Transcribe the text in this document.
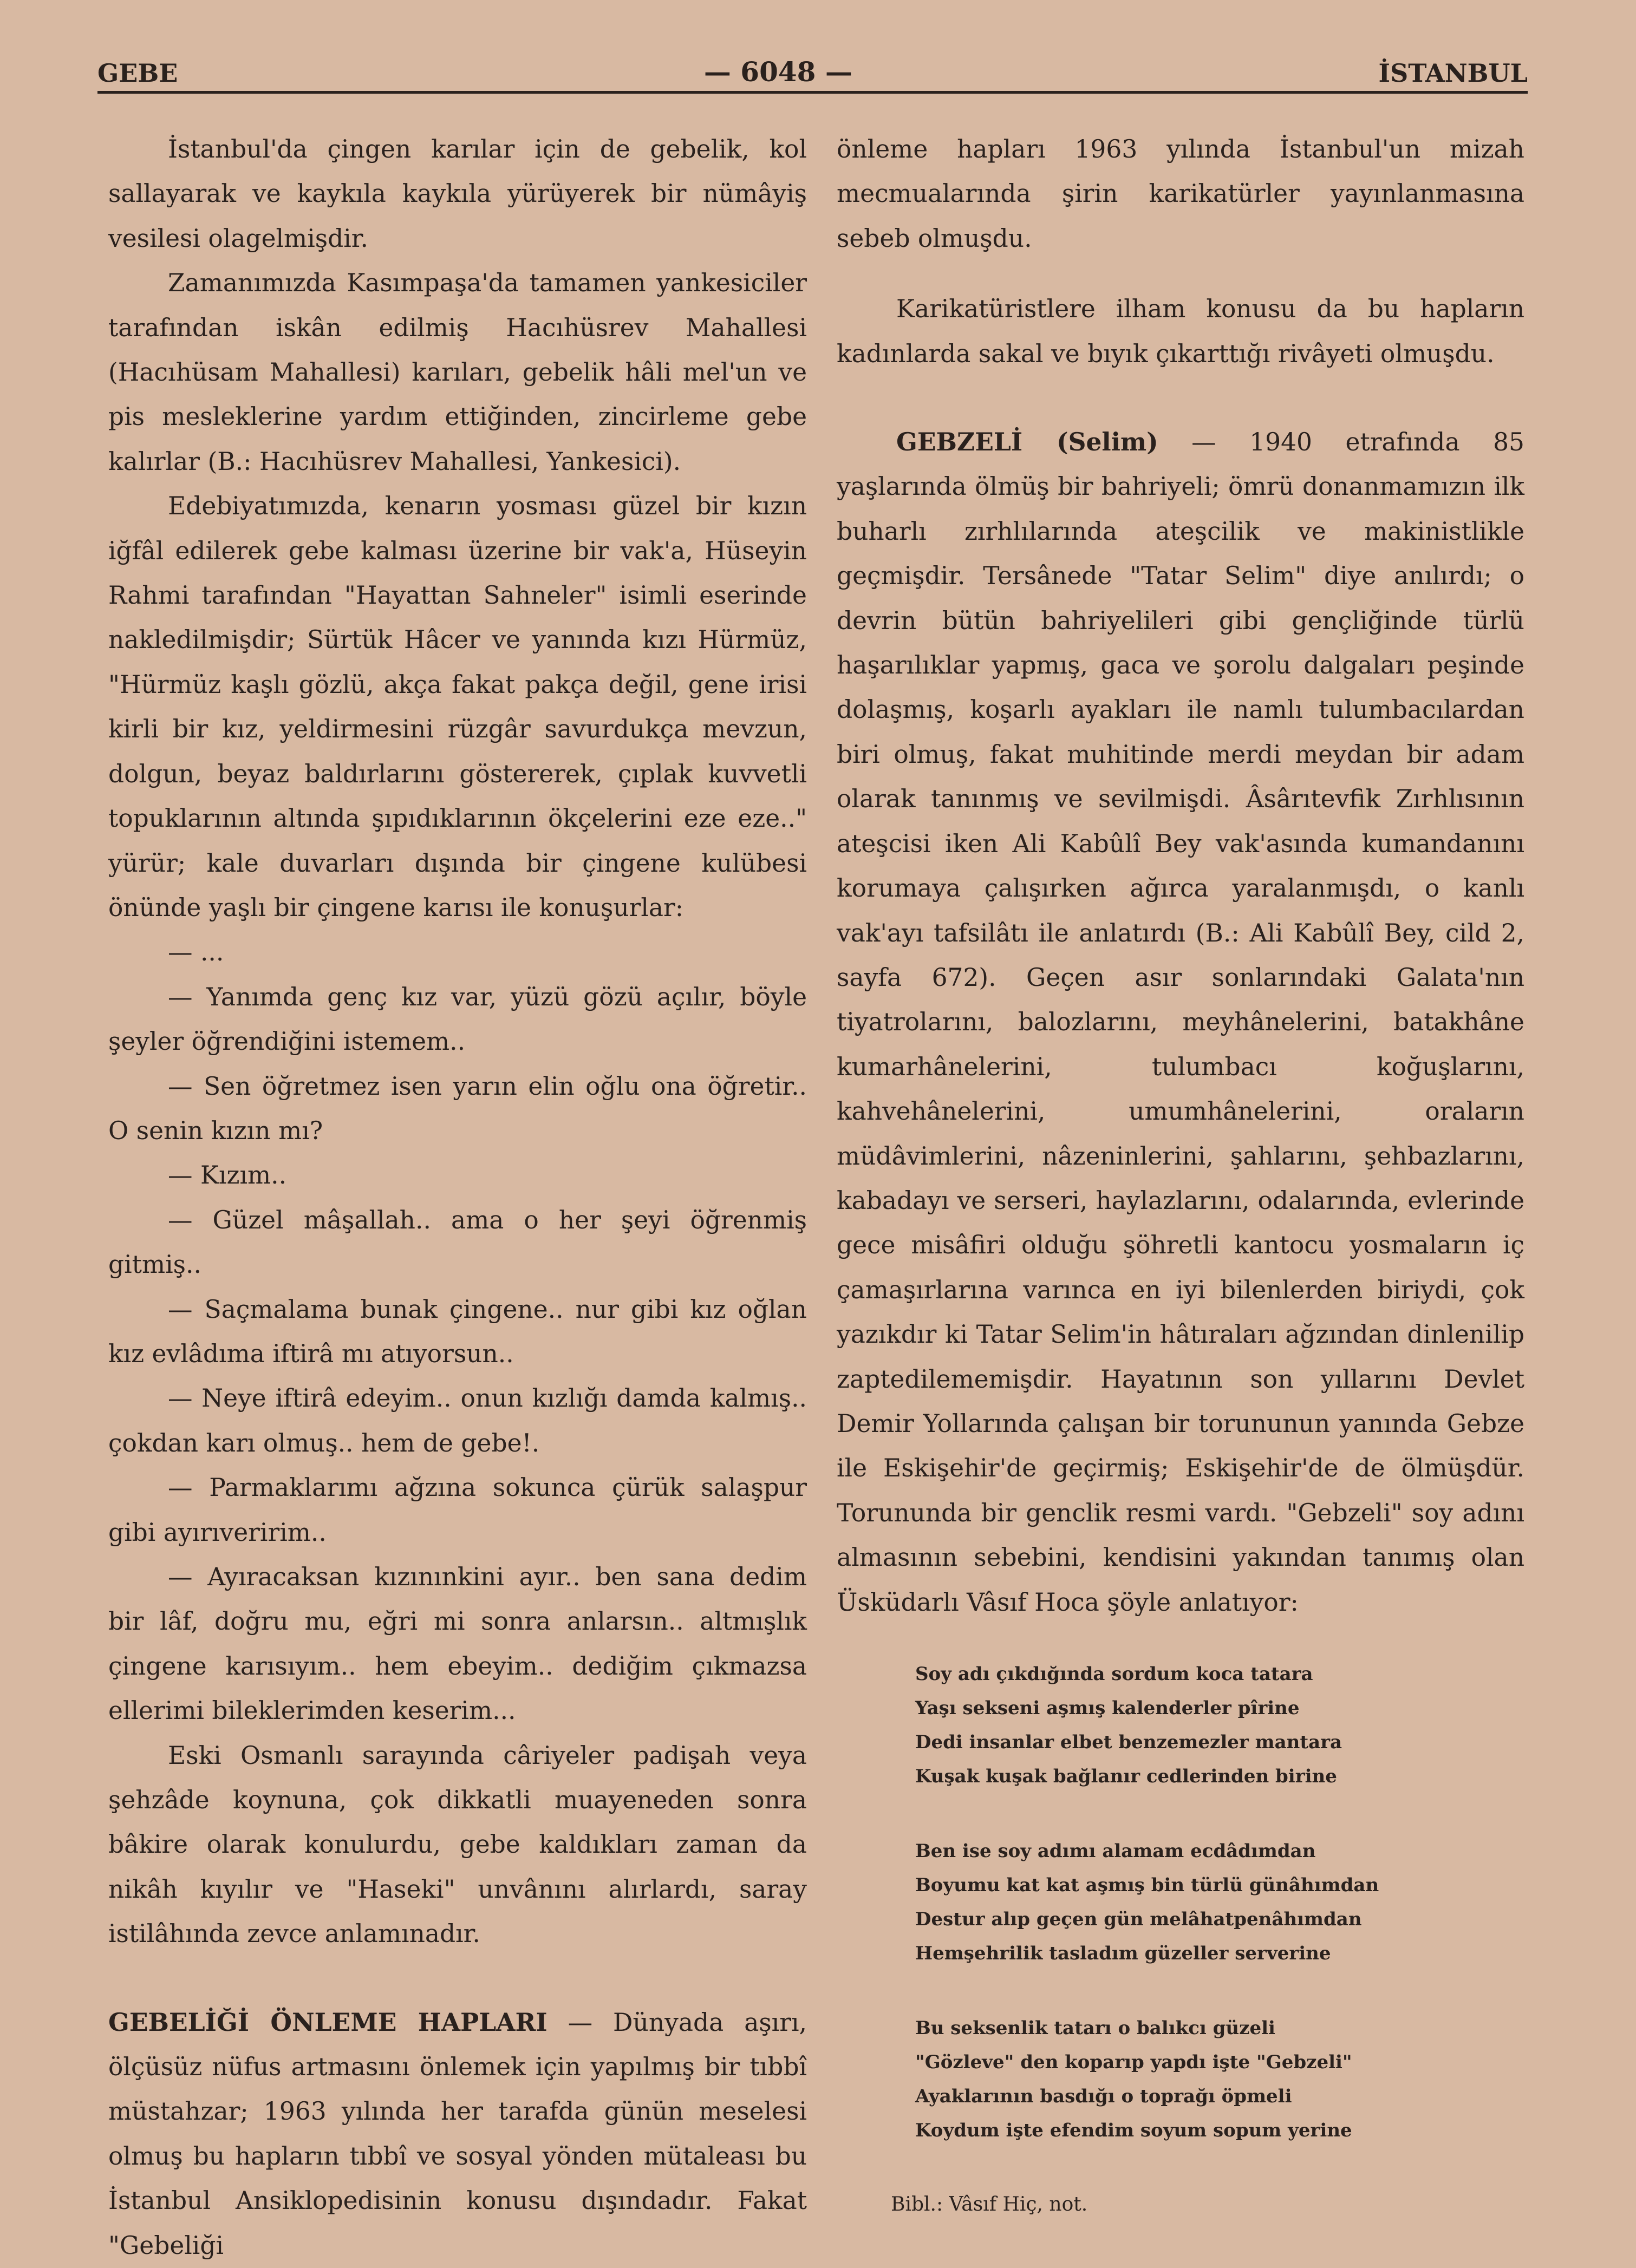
GEBE	— 6048 —	İSTANBUL

İstanbul'da çingen karılar için de gebelik, kol sallayarak ve kaykıla kaykıla yürüyerek bir nümâyiş vesilesi olagelmişdir.

Zamanımızda Kasımpaşa'da tamamen yankesiciler tarafından iskân edilmiş Hacıhüsrev Mahallesi (Hacıhüsam Mahallesi) karıları, gebelik hâli mel'un ve pis mesleklerine yardım ettiğinden, zincirleme gebe kalırlar (B.: Hacıhüsrev Mahallesi, Yankesici).

Edebiyatımızda, kenarın yosması güzel bir kızın iğfâl edilerek gebe kalması üzerine bir vak'a, Hüseyin Rahmi tarafından "Hayattan Sahneler" isimli eserinde nakledilmişdir; Sürtük Hâcer ve yanında kızı Hürmüz, "Hürmüz kaşlı gözlü, akça fakat pakça değil, gene irisi kirli bir kız, yeldirmesini rüzgâr savurdukça mevzun, dolgun, beyaz baldırlarını göstererek, çıplak kuvvetli topuklarının altında şıpıdıklarının ökçelerini eze eze.." yürür; kale duvarları dışında bir çingene kulübesi önünde yaşlı bir çingene karısı ile konuşurlar:

— ...

— Yanımda genç kız var, yüzü gözü açılır, böyle şeyler öğrendiğini istemem..

— Sen öğretmez isen yarın elin oğlu ona öğretir.. O senin kızın mı?

— Kızım..

— Güzel mâşallah.. ama o her şeyi öğrenmiş gitmiş..

— Saçmalama bunak çingene.. nur gibi kız oğlan kız evlâdıma iftirâ mı atıyorsun..

— Neye iftirâ edeyim.. onun kızlığı damda kalmış.. çokdan karı olmuş.. hem de gebe!.

— Parmaklarımı ağzına sokunca çürük salaşpur gibi ayırıveririm..

— Ayıracaksan kızınınkini ayır.. ben sana dedim bir lâf, doğru mu, eğri mi sonra anlarsın.. altmışlık çingene karısıyım.. hem ebeyim.. dediğim çıkmazsa ellerimi bileklerimden keserim...

Eski Osmanlı sarayında câriyeler padişah veya şehzâde koynuna, çok dikkatli muayeneden sonra bâkire olarak konulurdu, gebe kaldıkları zaman da nikâh kıyılır ve "Haseki" unvânını alırlardı, saray istilâhında zevce anlamınadır.

GEBELİĞİ ÖNLEME HAPLARI — Dünyada aşırı, ölçüsüz nüfus artmasını önlemek için yapılmış bir tıbbî müstahzar; 1963 yılında her tarafda günün meselesi olmuş bu hapların tıbbî ve sosyal yönden mütaleası bu İstanbul Ansiklopedisinin konusu dışındadır. Fakat "Gebeliği

önleme hapları 1963 yılında İstanbul'un mizah mecmualarında şirin karikatürler yayınlanmasına sebeb olmuşdu.

Karikatüristlere ilham konusu da bu hapların kadınlarda sakal ve bıyık çıkarttığı rivâyeti olmuşdu.

GEBZELİ (Selim) — 1940 etrafında 85 yaşlarında ölmüş bir bahriyeli; ömrü donanmamızın ilk buharlı zırhlılarında ateşcilik ve makinistlikle geçmişdir. Tersânede "Tatar Selim" diye anılırdı; o devrin bütün bahriyelileri gibi gençliğinde türlü haşarılıklar yapmış, gaca ve şorolu dalgaları peşinde dolaşmış, koşarlı ayakları ile namlı tulumbacılardan biri olmuş, fakat muhitinde merdi meydan bir adam olarak tanınmış ve sevilmişdi. Âsârıtevfik Zırhlısının ateşcisi iken Ali Kabûlî Bey vak'asında kumandanını korumaya çalışırken ağırca yaralanmışdı, o kanlı vak'ayı tafsilâtı ile anlatırdı (B.: Ali Kabûlî Bey, cild 2, sayfa 672). Geçen asır sonlarındaki Galata'nın tiyatrolarını, balozlarını, meyhânelerini, batakhâne kumarhânelerini, tulumbacı koğuşlarını, kahvehânelerini, umumhânelerini, oraların müdâvimlerini, nâzeninlerini, şahlarını, şehbazlarını, kabadayı ve serseri, haylazlarını, odalarında, evlerinde gece misâfiri olduğu şöhretli kantocu yosmaların iç çamaşırlarına varınca en iyi bilenlerden biriydi, çok yazıkdır ki Tatar Selim'in hâtıraları ağzından dinlenilip zaptedilememişdir. Hayatının son yıllarını Devlet Demir Yollarında çalışan bir torununun yanında Gebze ile Eskişehir'de geçirmiş; Eskişehir'de de ölmüşdür. Torununda bir genclik resmi vardı. "Gebzeli" soy adını almasının sebebini, kendisini yakından tanımış olan Üsküdarlı Vâsıf Hoca şöyle anlatıyor:

Soy adı çıkdığında sordum koca tatara
Yaşı sekseni aşmış kalenderler pîrine
Dedi insanlar elbet benzemezler mantara
Kuşak kuşak bağlanır cedlerinden birine
Ben ise soy adımı alamam ecdâdımdan
Boyumu kat kat aşmış bin türlü günâhımdan
Destur alıp geçen gün melâhatpenâhımdan
Hemşehrilik tasladım güzeller serverine
Bu seksenlik tatarı o balıkcı güzeli
"Gözleve" den koparıp yapdı işte "Gebzeli"
Ayaklarının basdığı o toprağı öpmeli
Koydum işte efendim soyum sopum yerine
Bibl.: Vâsıf Hiç, not.
